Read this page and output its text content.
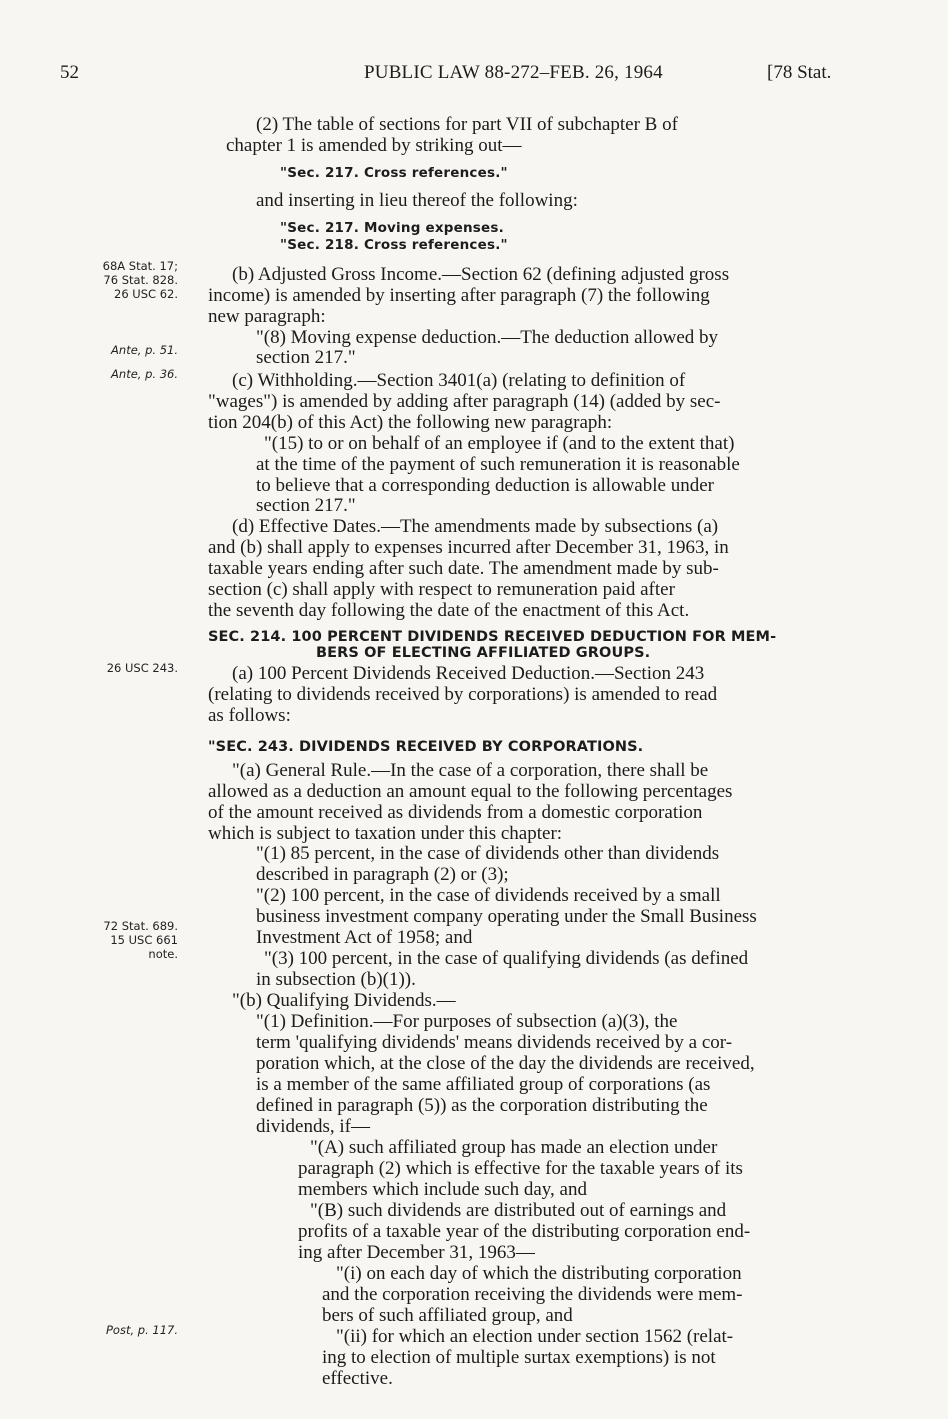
52	PUBLIC LAW 88-272–FEB. 26, 1964	[78 Stat.
68A Stat. 17;
76 Stat. 828.
26 USC 62.
Ante, p. 51.
Ante, p. 36.
26 USC 243.
72 Stat. 689.
15 USC 661
note.
Post, p. 117.
(2) The table of sections for part VII of subchapter B of
chapter 1 is amended by striking out—
"Sec. 217. Cross references."
and inserting in lieu thereof the following:
"Sec. 217. Moving expenses.
"Sec. 218. Cross references."
(b) Adjusted Gross Income.—Section 62 (defining adjusted gross
income) is amended by inserting after paragraph (7) the following
new paragraph:
"(8) Moving expense deduction.—The deduction allowed by
section 217."
(c) Withholding.—Section 3401(a) (relating to definition of
"wages") is amended by adding after paragraph (14) (added by sec-
tion 204(b) of this Act) the following new paragraph:
"(15) to or on behalf of an employee if (and to the extent that)
at the time of the payment of such remuneration it is reasonable
to believe that a corresponding deduction is allowable under
section 217."
(d) Effective Dates.—The amendments made by subsections (a)
and (b) shall apply to expenses incurred after December 31, 1963, in
taxable years ending after such date. The amendment made by sub-
section (c) shall apply with respect to remuneration paid after
the seventh day following the date of the enactment of this Act.
SEC. 214. 100 PERCENT DIVIDENDS RECEIVED DEDUCTION FOR MEM-
BERS OF ELECTING AFFILIATED GROUPS.
(a) 100 Percent Dividends Received Deduction.—Section 243
(relating to dividends received by corporations) is amended to read
as follows:
"SEC. 243. DIVIDENDS RECEIVED BY CORPORATIONS.
"(a) General Rule.—In the case of a corporation, there shall be
allowed as a deduction an amount equal to the following percentages
of the amount received as dividends from a domestic corporation
which is subject to taxation under this chapter:
"(1) 85 percent, in the case of dividends other than dividends
described in paragraph (2) or (3);
"(2) 100 percent, in the case of dividends received by a small
business investment company operating under the Small Business
Investment Act of 1958; and
"(3) 100 percent, in the case of qualifying dividends (as defined
in subsection (b)(1)).
"(b) Qualifying Dividends.—
"(1) Definition.—For purposes of subsection (a)(3), the
term 'qualifying dividends' means dividends received by a cor-
poration which, at the close of the day the dividends are received,
is a member of the same affiliated group of corporations (as
defined in paragraph (5)) as the corporation distributing the
dividends, if—
"(A) such affiliated group has made an election under
paragraph (2) which is effective for the taxable years of its
members which include such day, and
"(B) such dividends are distributed out of earnings and
profits of a taxable year of the distributing corporation end-
ing after December 31, 1963—
"(i) on each day of which the distributing corporation
and the corporation receiving the dividends were mem-
bers of such affiliated group, and
"(ii) for which an election under section 1562 (relat-
ing to election of multiple surtax exemptions) is not
effective.
